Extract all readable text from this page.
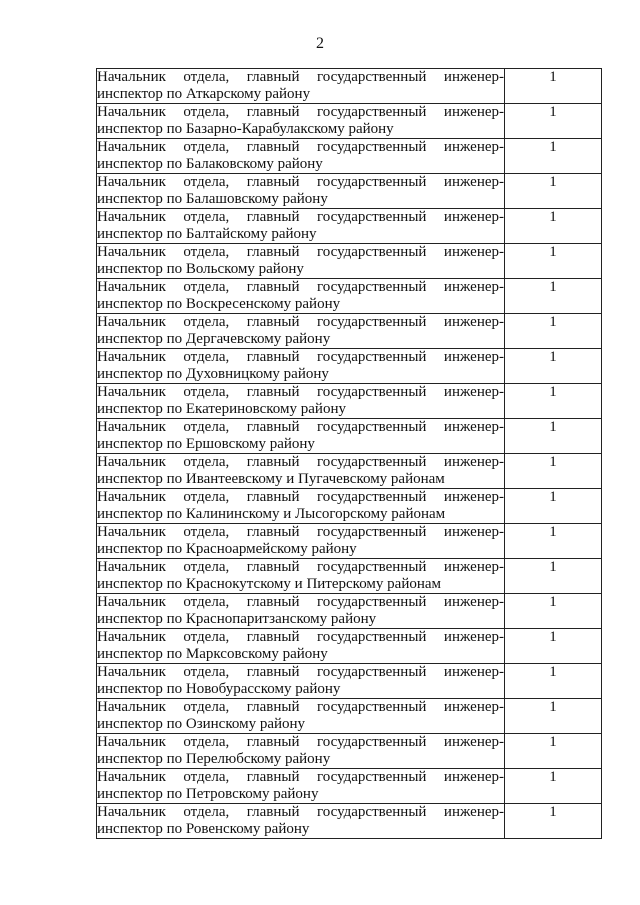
2
Начальник отдела, главный государственный инженер-
инспектор по Аткарскому району	1

Начальник отдела, главный государственный инженер-
инспектор по Базарно-Карабулакскому району	1

Начальник отдела, главный государственный инженер-
инспектор по Балаковскому району	1

Начальник отдела, главный государственный инженер-
инспектор по Балашовскому району	1

Начальник отдела, главный государственный инженер-
инспектор по Балтайскому району	1

Начальник отдела, главный государственный инженер-
инспектор по Вольскому району	1

Начальник отдела, главный государственный инженер-
инспектор по Воскресенскому району	1

Начальник отдела, главный государственный инженер-
инспектор по Дергачевскому району	1

Начальник отдела, главный государственный инженер-
инспектор по Духовницкому району	1

Начальник отдела, главный государственный инженер-
инспектор по Екатериновскому району	1

Начальник отдела, главный государственный инженер-
инспектор по Ершовскому району	1

Начальник отдела, главный государственный инженер-
инспектор по Ивантеевскому и Пугачевскому районам	1

Начальник отдела, главный государственный инженер-
инспектор по Калининскому и Лысогорскому районам	1

Начальник отдела, главный государственный инженер-
инспектор по Красноармейскому району	1

Начальник отдела, главный государственный инженер-
инспектор по Краснокутскому и Питерскому районам	1

Начальник отдела, главный государственный инженер-
инспектор по Краснопаритзанскому району	1

Начальник отдела, главный государственный инженер-
инспектор по Марксовскому району	1

Начальник отдела, главный государственный инженер-
инспектор по Новобурасскому району	1

Начальник отдела, главный государственный инженер-
инспектор по Озинскому району	1

Начальник отдела, главный государственный инженер-
инспектор по Перелюбскому району	1

Начальник отдела, главный государственный инженер-
инспектор по Петровскому району	1

Начальник отдела, главный государственный инженер-
инспектор по Ровенскому району	1
